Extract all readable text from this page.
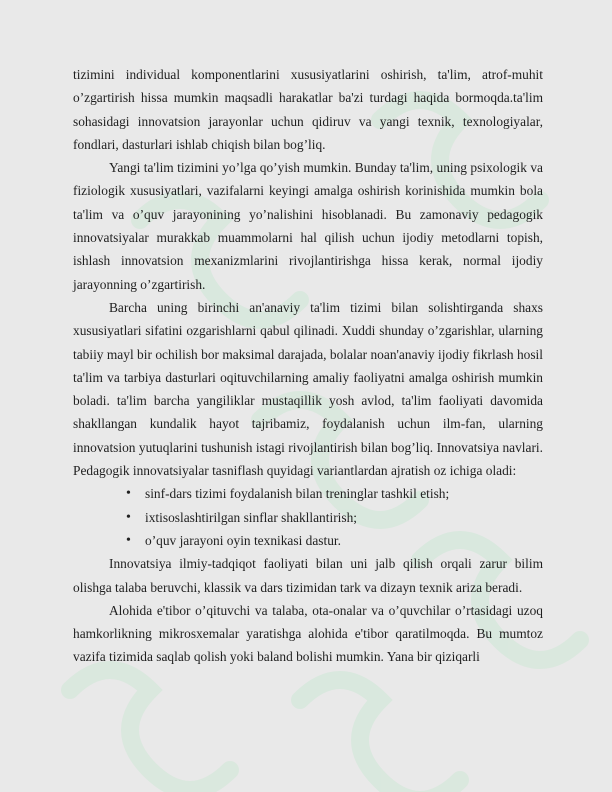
tizimini individual komponentlarini xususiyatlarini oshirish, ta'lim, atrof-muhit o’zgartirish hissa mumkin maqsadli harakatlar ba'zi turdagi haqida bormoqda.ta'lim sohasidagi innovatsion jarayonlar uchun qidiruv va yangi texnik, texnologiyalar, fondlari, dasturlari ishlab chiqish bilan bog’liq.

Yangi ta'lim tizimini yo’lga qo’yish mumkin. Bunday ta'lim, uning psixologik va fiziologik xususiyatlari, vazifalarni keyingi amalga oshirish korinishida mumkin bola ta'lim va o’quv jarayonining yo’nalishini hisoblanadi. Bu zamonaviy pedagogik innovatsiyalar murakkab muammolarni hal qilish uchun ijodiy metodlarni topish, ishlash innovatsion mexanizmlarini rivojlantirishga hissa kerak, normal ijodiy jarayonning o’zgartirish.

Barcha uning birinchi an'anaviy ta'lim tizimi bilan solishtirganda shaxs xususiyatlari sifatini ozgarishlarni qabul qilinadi. Xuddi shunday o’zgarishlar, ularning tabiiy mayl bir ochilish bor maksimal darajada, bolalar noan'anaviy ijodiy fikrlash hosil ta'lim va tarbiya dasturlari oqituvchilarning amaliy faoliyatni amalga oshirish mumkin boladi. ta'lim barcha yangiliklar mustaqillik yosh avlod, ta'lim faoliyati davomida shakllangan kundalik hayot tajribamiz, foydalanish uchun ilm-fan, ularning innovatsion yutuqlarini tushunish istagi rivojlantirish bilan bog’liq. Innovatsiya navlari. Pedagogik innovatsiyalar tasniflash quyidagi variantlardan ajratish oz ichiga oladi:

• sinf-dars tizimi foydalanish bilan treninglar tashkil etish;
• ixtisoslashtirilgan sinflar shakllantirish;
• o’quv jarayoni oyin texnikasi dastur.

Innovatsiya ilmiy-tadqiqot faoliyati bilan uni jalb qilish orqali zarur bilim olishga talaba beruvchi, klassik va dars tizimidan tark va dizayn texnik ariza beradi.

Alohida e'tibor o’qituvchi va talaba, ota-onalar va o’quvchilar o’rtasidagi uzoq hamkorlikning mikrosxemalar yaratishga alohida e'tibor qaratilmoqda. Bu mumtoz vazifa tizimida saqlab qolish yoki baland bolishi mumkin. Yana bir qiziqarli
